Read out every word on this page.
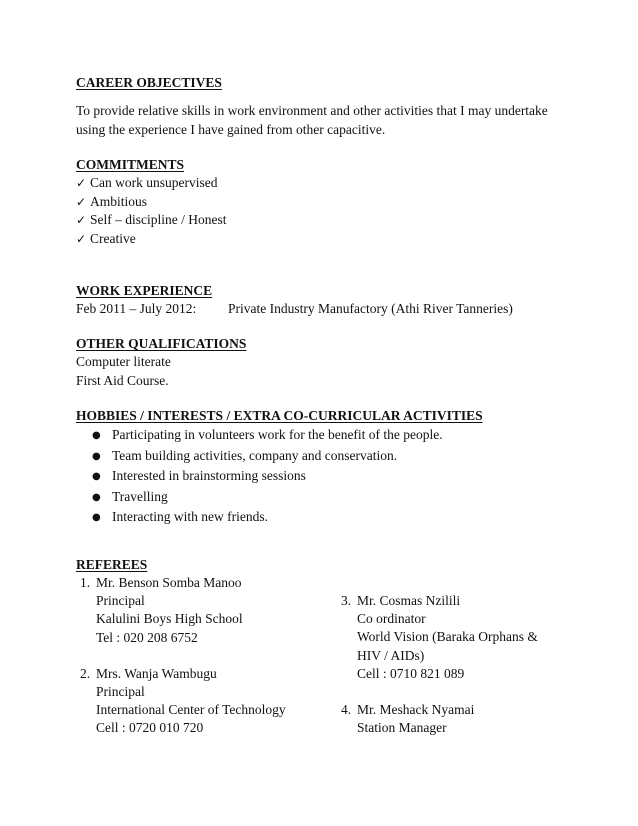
CAREER OBJECTIVES
To provide relative skills in work environment and other activities that I may undertake
using the experience I have gained from other capacitive.
COMMITMENTS
✓ Can work unsupervised
✓ Ambitious
✓ Self – discipline / Honest
✓ Creative
WORK EXPERIENCE
Feb 2011 – July 2012: Private Industry Manufactory (Athi River Tanneries)
OTHER QUALIFICATIONS
Computer literate
First Aid Course.
HOBBIES / INTERESTS / EXTRA CO-CURRICULAR ACTIVITIES
● Participating in volunteers work for the benefit of the people.
● Team building activities, company and conservation.
● Interested in brainstorming sessions
● Travelling
● Interacting with new friends.
REFEREES
1. Mr. Benson Somba Manoo
Principal
Kalulini Boys High School
Tel : 020 208 6752
2. Mrs. Wanja Wambugu
Principal
International Center of Technology
Cell : 0720 010 720
3. Mr. Cosmas Nzilili
Co ordinator
World Vision (Baraka Orphans &
HIV / AIDs)
Cell : 0710 821 089
4. Mr. Meshack Nyamai
Station Manager
